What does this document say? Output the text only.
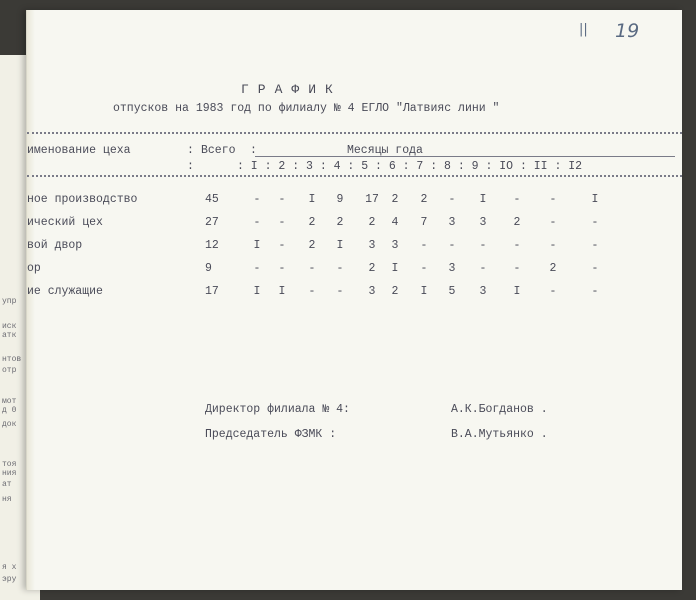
упр
иск
атк
нтов
отр
мот
д 0
док
тоя
ния
ат
ня
я х
эру
|| 19
ГРАФИК
отпусков на 1983 год по филиалу № 4 ЕГЛО "Латвияс лини "
именование цеха	: Всего :	Месяцы года
:	: I : 2 : 3 : 4 : 5 : 6 : 7 : 8 : 9 : IO : II : I2
ное производство	45	-	-	I	9	17	2	2	-	I	-	-	I
ический цех	27	-	-	2	2	2	4	7	3	3	2	-	-
вой двор	12	I	-	2	I	3	3	-	-	-	-	-	-
ор	9	-	-	-	-	2	I	-	3	-	-	2	-
ие служащие	17	I	I	-	-	3	2	I	5	3	I	-	-
Директор филиала № 4:	А.К.Богданов .
Председатель ФЗМК :	В.А.Мутьянко .
